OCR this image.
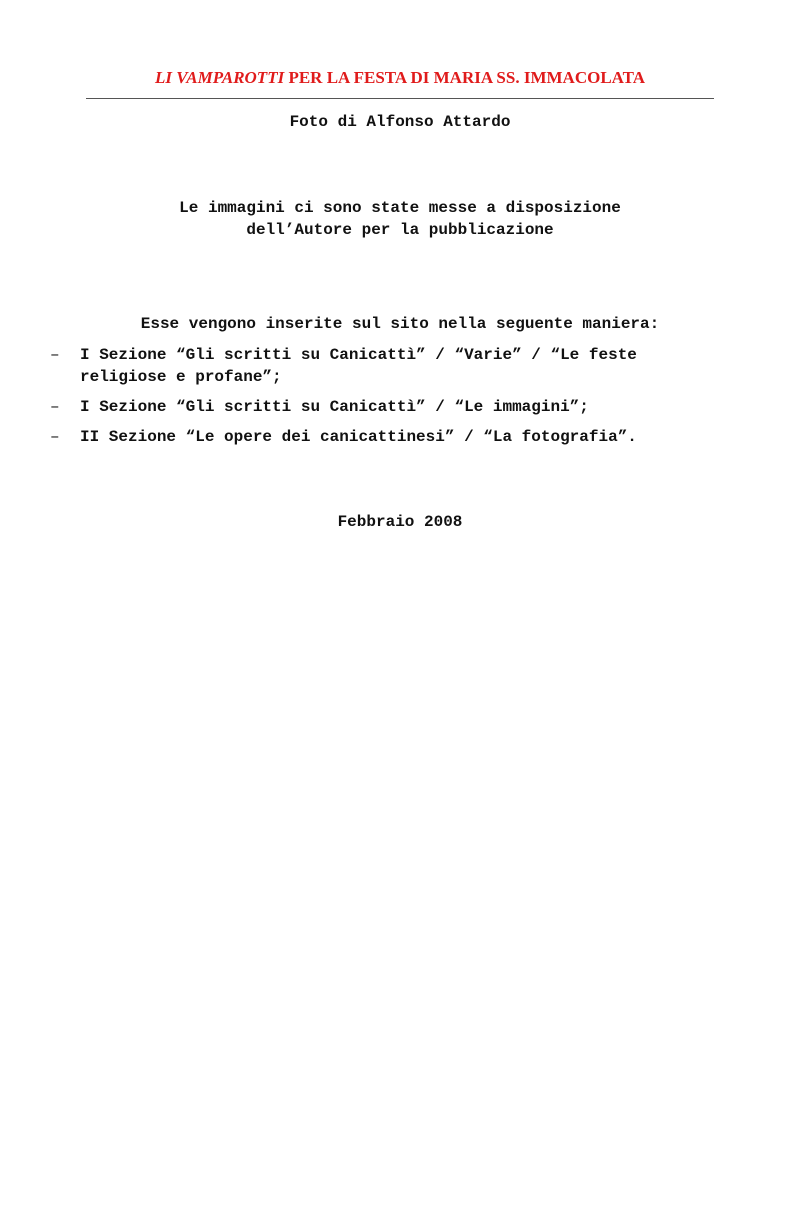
LI VAMPAROTTI PER LA FESTA DI MARIA SS. IMMACOLATA
Foto di Alfonso Attardo
Le immagini ci sono state messe a disposizione
dell’Autore per la pubblicazione
Esse vengono inserite sul sito nella seguente maniera:
– I Sezione “Gli scritti su Canicattì” / “Varie” / “Le feste
religiose e profane”;
– I Sezione “Gli scritti su Canicattì” / “Le immagini”;
– II Sezione “Le opere dei canicattinesi” / “La fotografia”.
Febbraio 2008
